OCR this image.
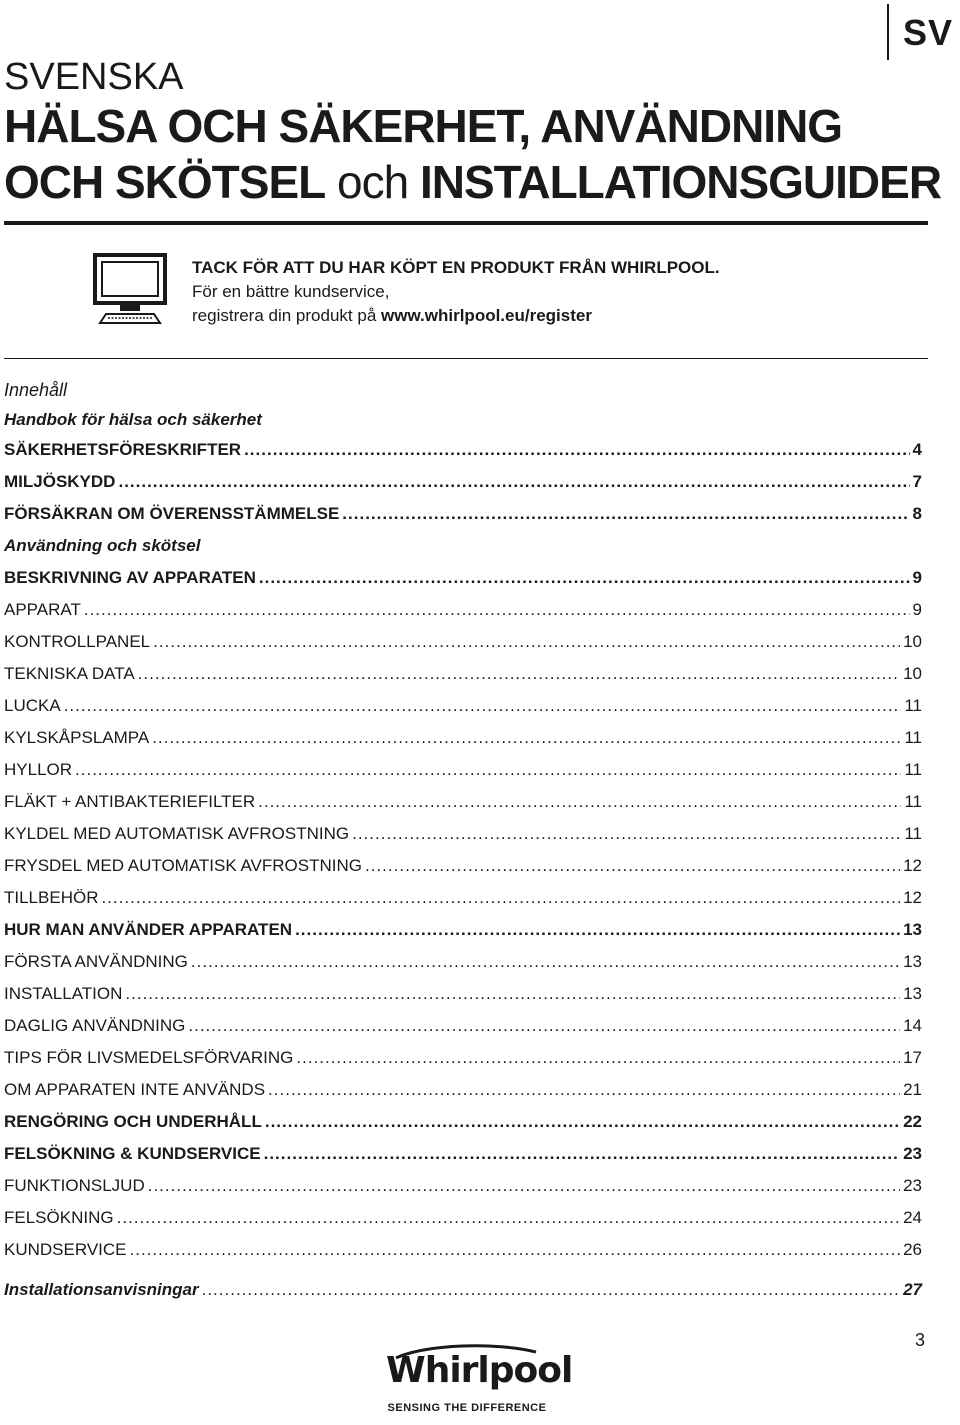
SV
SVENSKA
HÄLSA OCH SÄKERHET, ANVÄNDNING
OCH SKÖTSEL och INSTALLATIONSGUIDER
TACK FÖR ATT DU HAR KÖPT EN PRODUKT FRÅN WHIRLPOOL.
För en bättre kundservice,
registrera din produkt på www.whirlpool.eu/register
Innehåll
Handbok för hälsa och säkerhet
SÄKERHETSFÖRESKRIFTER .....	4
MILJÖSKYDD .....	7
FÖRSÄKRAN OM ÖVERENSSTÄMMELSE .....	8
Användning och skötsel
BESKRIVNING AV APPARATEN .....	9
APPARAT .....	9
KONTROLLPANEL .....	10
TEKNISKA DATA .....	10
LUCKA .....	11
KYLSKÅPSLAMPA .....	11
HYLLOR .....	11
FLÄKT + ANTIBAKTERIEFILTER .....	11
KYLDEL MED AUTOMATISK AVFROSTNING .....	11
FRYSDEL MED AUTOMATISK AVFROSTNING .....	12
TILLBEHÖR .....	12
HUR MAN ANVÄNDER APPARATEN .....	13
FÖRSTA ANVÄNDNING .....	13
INSTALLATION .....	13
DAGLIG ANVÄNDNING .....	14
TIPS FÖR LIVSMEDELSFÖRVARING .....	17
OM APPARATEN INTE ANVÄNDS .....	21
RENGÖRING OCH UNDERHÅLL .....	22
FELSÖKNING & KUNDSERVICE .....	23
FUNKTIONSLJUD .....	23
FELSÖKNING .....	24
KUNDSERVICE .....	26
Installationsanvisningar .....	27
3
Whirlpool
SENSING THE DIFFERENCE
